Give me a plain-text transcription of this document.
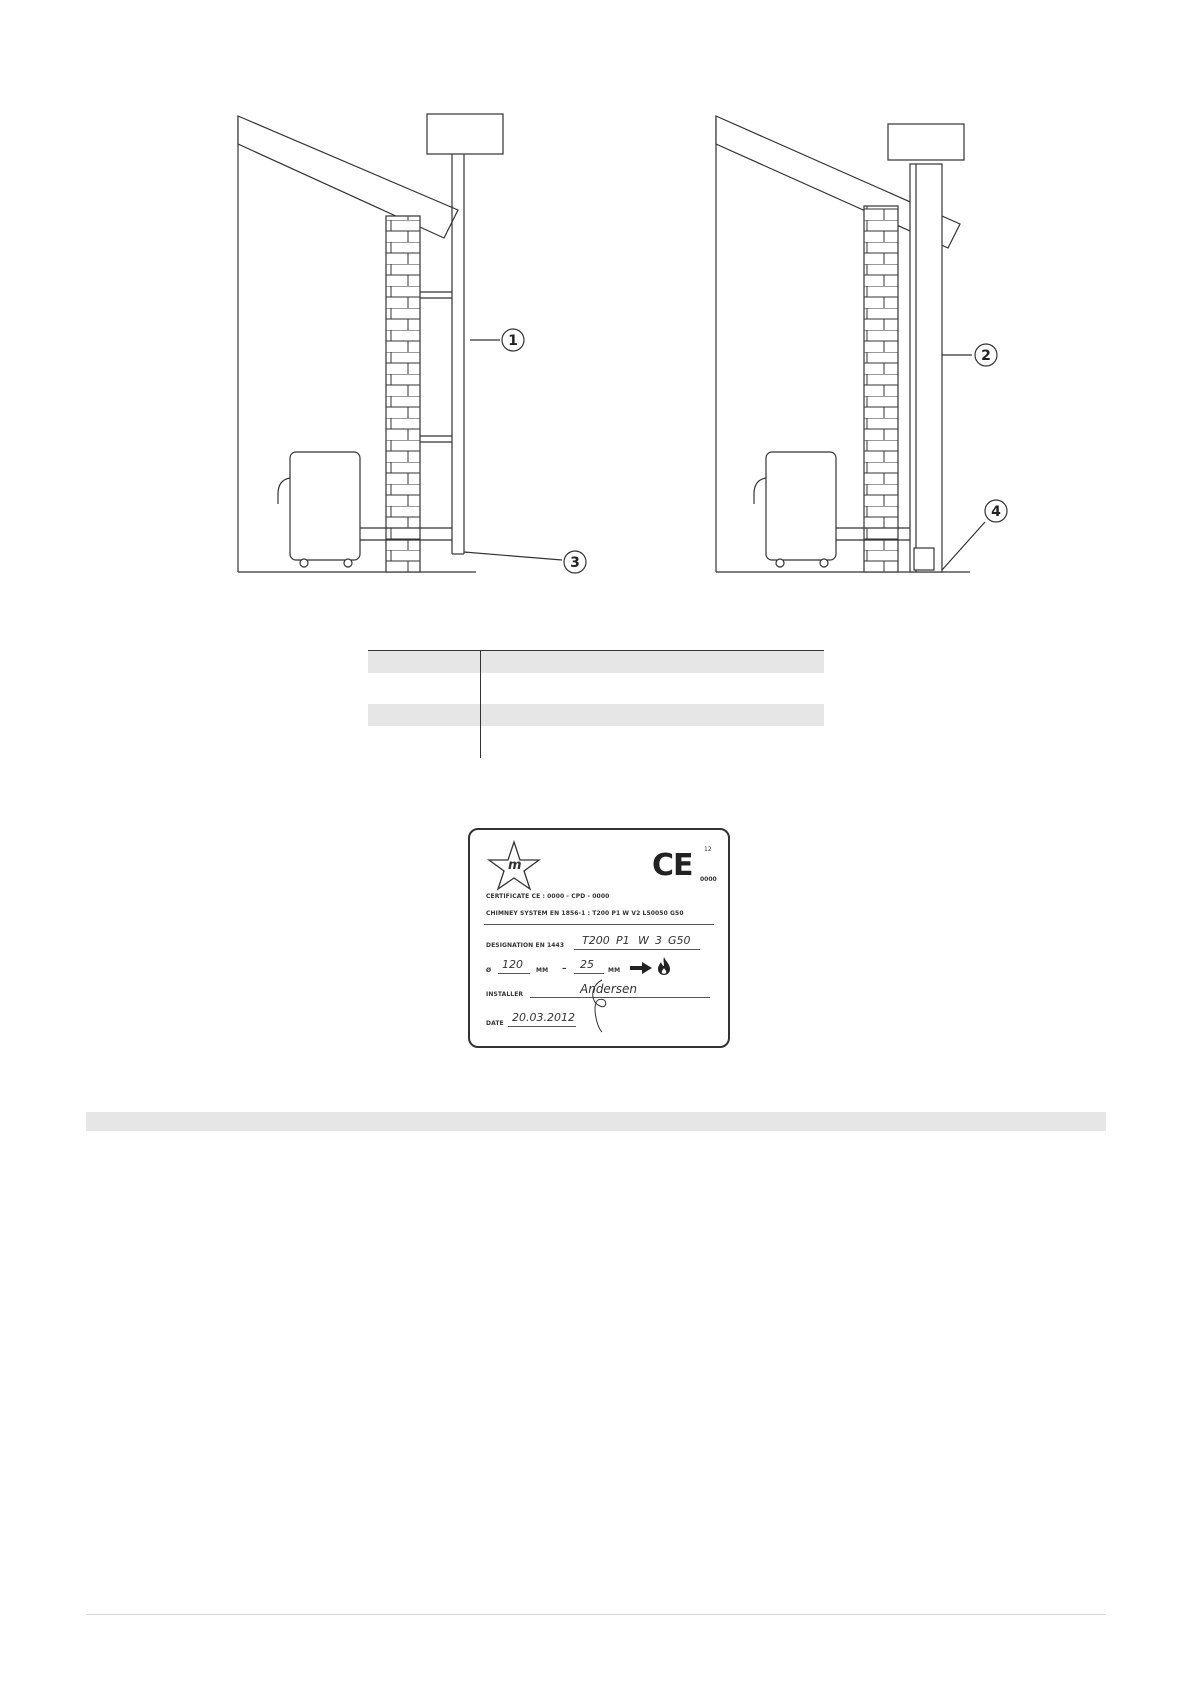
1
3
2
4
m	CE 12
0000
CERTIFICATE CE : 0000 - CPD - 0000
CHIMNEY SYSTEM EN 1856-1 : T200 P1 W V2 L50050 G50
DESIGNATION EN 1443 T200 P1 W 3 G50
Ø 120 MM – 25 MM
INSTALLER	Andersen
DATE 20.03.2012
